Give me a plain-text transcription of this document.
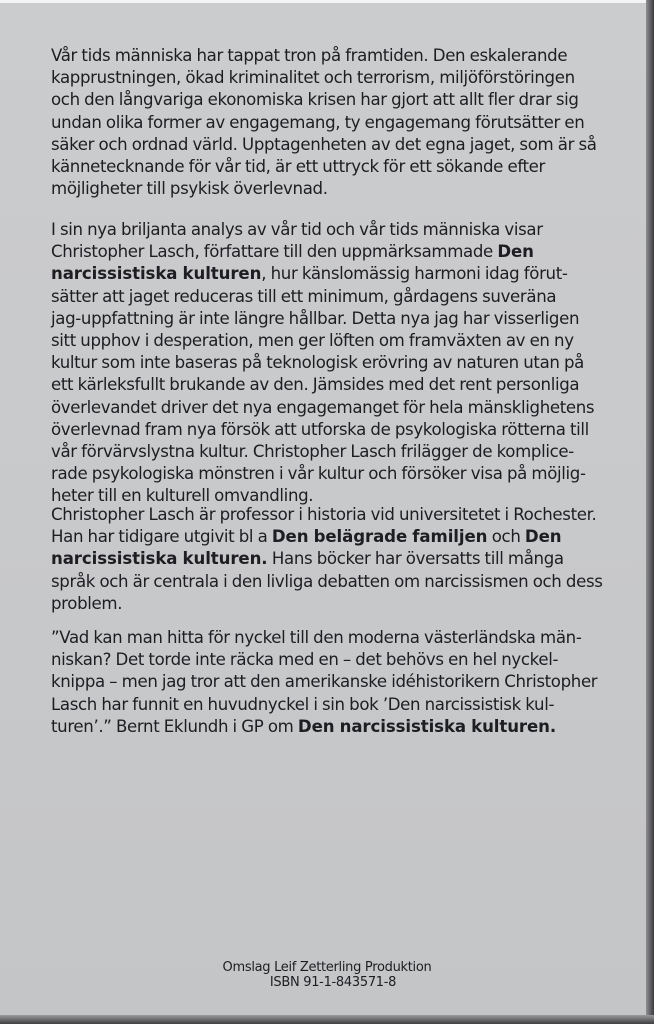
Vår tids människa har tappat tron på framtiden. Den eskalerande
kapprustningen, ökad kriminalitet och terrorism, miljöförstöringen
och den långvariga ekonomiska krisen har gjort att allt fler drar sig
undan olika former av engagemang, ty engagemang förutsätter en
säker och ordnad värld. Upptagenheten av det egna jaget, som är så
kännetecknande för vår tid, är ett uttryck för ett sökande efter
möjligheter till psykisk överlevnad.
I sin nya briljanta analys av vår tid och vår tids människa visar
Christopher Lasch, författare till den uppmärksammade Den
narcissistiska kulturen, hur känslomässig harmoni idag förut-
sätter att jaget reduceras till ett minimum, gårdagens suveräna
jag-uppfattning är inte längre hållbar. Detta nya jag har visserligen
sitt upphov i desperation, men ger löften om framväxten av en ny
kultur som inte baseras på teknologisk erövring av naturen utan på
ett kärleksfullt brukande av den. Jämsides med det rent personliga
överlevandet driver det nya engagemanget för hela mänsklighetens
överlevnad fram nya försök att utforska de psykologiska rötterna till
vår förvärvslystna kultur. Christopher Lasch frilägger de komplice-
rade psykologiska mönstren i vår kultur och försöker visa på möjlig-
heter till en kulturell omvandling.
Christopher Lasch är professor i historia vid universitetet i Rochester.
Han har tidigare utgivit bl a Den belägrade familjen och Den
narcissistiska kulturen. Hans böcker har översatts till många
språk och är centrala i den livliga debatten om narcissismen och dess
problem.
”Vad kan man hitta för nyckel till den moderna västerländska män-
niskan? Det torde inte räcka med en – det behövs en hel nyckel-
knippa – men jag tror att den amerikanske idéhistorikern Christopher
Lasch har funnit en huvudnyckel i sin bok ’Den narcissistisk kul-
turen’.” Bernt Eklundh i GP om Den narcissistiska kulturen.
Omslag Leif Zetterling Produktion
ISBN 91-1-843571-8
